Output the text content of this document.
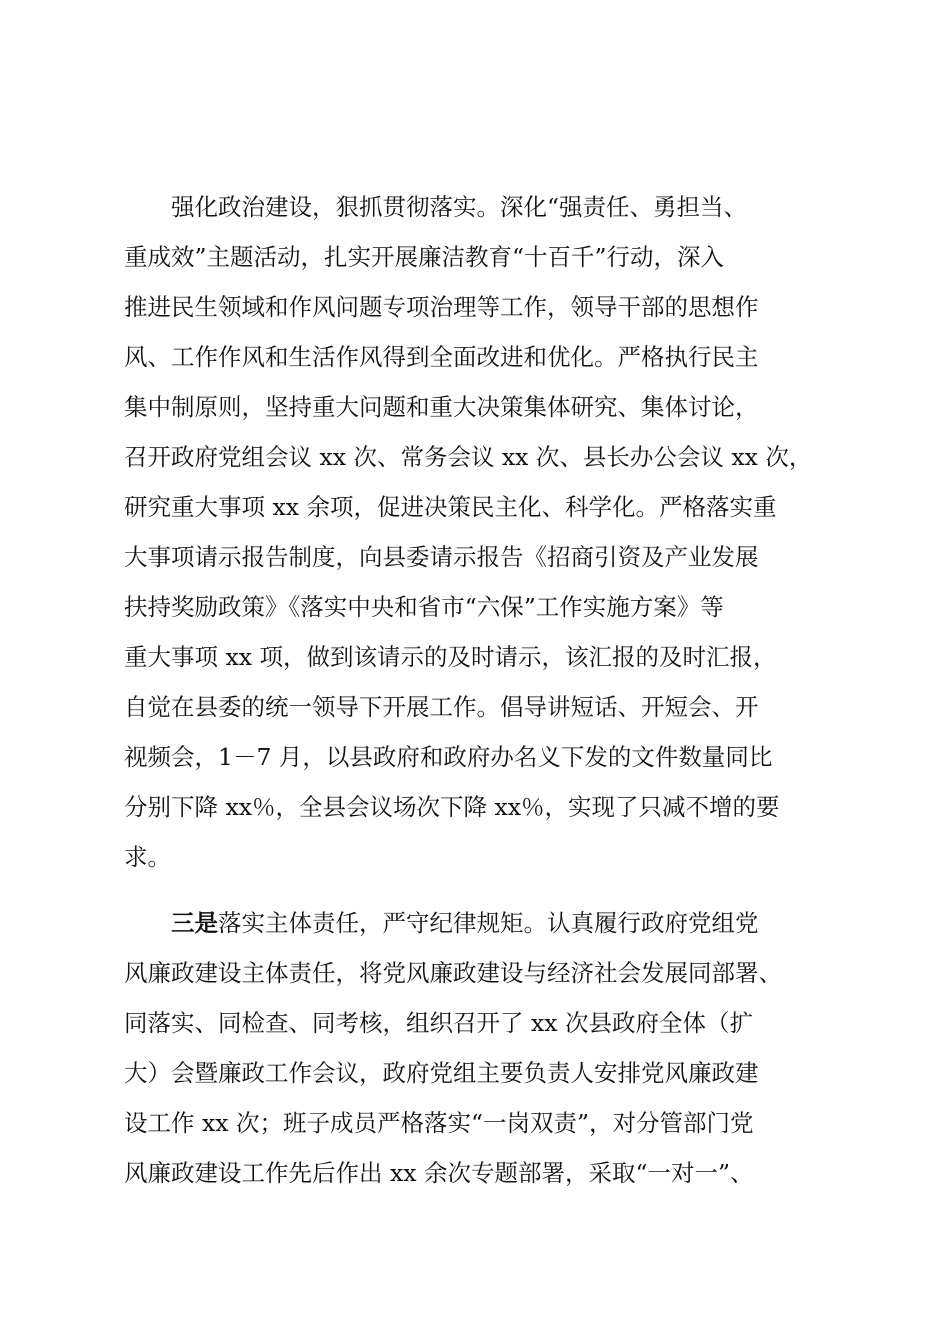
强化政治建设，狠抓贯彻落实。深化“强责任、勇担当、
重成效”主题活动，扎实开展廉洁教育“十百千”行动，深入
推进民生领域和作风问题专项治理等工作，领导干部的思想作
风、工作作风和生活作风得到全面改进和优化。严格执行民主
集中制原则，坚持重大问题和重大决策集体研究、集体讨论，
召开政府党组会议 xx 次、常务会议 xx 次、县长办公会议 xx 次，
研究重大事项 xx 余项，促进决策民主化、科学化。严格落实重
大事项请示报告制度，向县委请示报告《招商引资及产业发展
扶持奖励政策》《落实中央和省市“六保”工作实施方案》等
重大事项 xx 项，做到该请示的及时请示，该汇报的及时汇报，
自觉在县委的统一领导下开展工作。倡导讲短话、开短会、开
视频会，1－7 月，以县政府和政府办名义下发的文件数量同比
分别下降 xx％，全县会议场次下降 xx％，实现了只减不增的要
求。
三是落实主体责任，严守纪律规矩。认真履行政府党组党
风廉政建设主体责任，将党风廉政建设与经济社会发展同部署、
同落实、同检查、同考核，组织召开了 xx 次县政府全体（扩
大）会暨廉政工作会议，政府党组主要负责人安排党风廉政建
设工作 xx 次；班子成员严格落实“一岗双责”，对分管部门党
风廉政建设工作先后作出 xx 余次专题部署，采取“一对一”、
